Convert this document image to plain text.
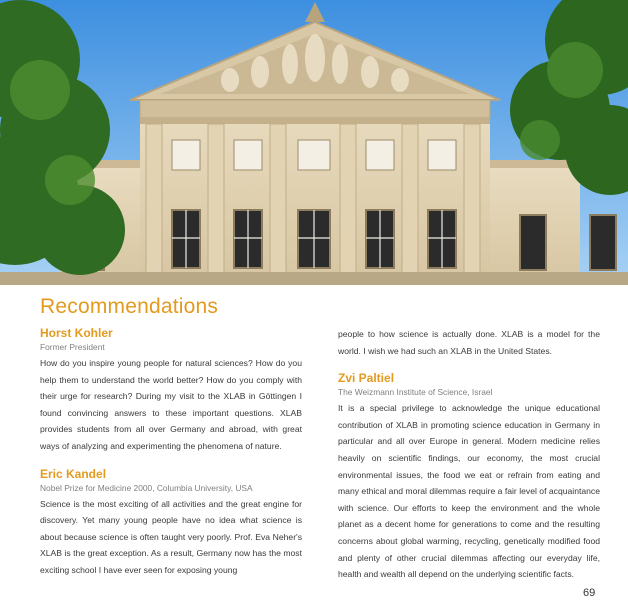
Recommendations

Horst Kohler

Former President

How do you inspire young people for natural sciences? How do you help them to understand the world better? How do you comply with their urge for research? During my visit to the XLAB in Göttingen I found convincing answers to these important questions. XLAB provides students from all over Germany and abroad, with great ways of analyzing and experimenting the phenomena of nature.

Eric Kandel

Nobel Prize for Medicine 2000, Columbia University, USA

Science is the most exciting of all activities and the great engine for discovery. Yet many young people have no idea what science is about because science is often taught very poorly. Prof. Eva Neher's XLAB is the great exception. As a result, Germany now has the most exciting school I have ever seen for exposing young

people to how science is actually done. XLAB is a model for the world. I wish we had such an XLAB in the United States.

Zvi Paltiel

The Weizmann Institute of Science, Israel

It is a special privilege to acknowledge the unique educational contribution of XLAB in promoting science education in Germany in particular and all over Europe in general. Modern medicine relies heavily on scientific findings, our economy, the most crucial environmental issues, the food we eat or refrain from eating and many ethical and moral dilemmas require a fair level of acquaintance with science. Our efforts to keep the environment and the whole planet as a decent home for generations to come and the resulting concerns about global warming, recycling, genetically modified food and plenty of other crucial dilemmas affecting our everyday life, health and wealth all depend on the underlying scientific facts.

69
